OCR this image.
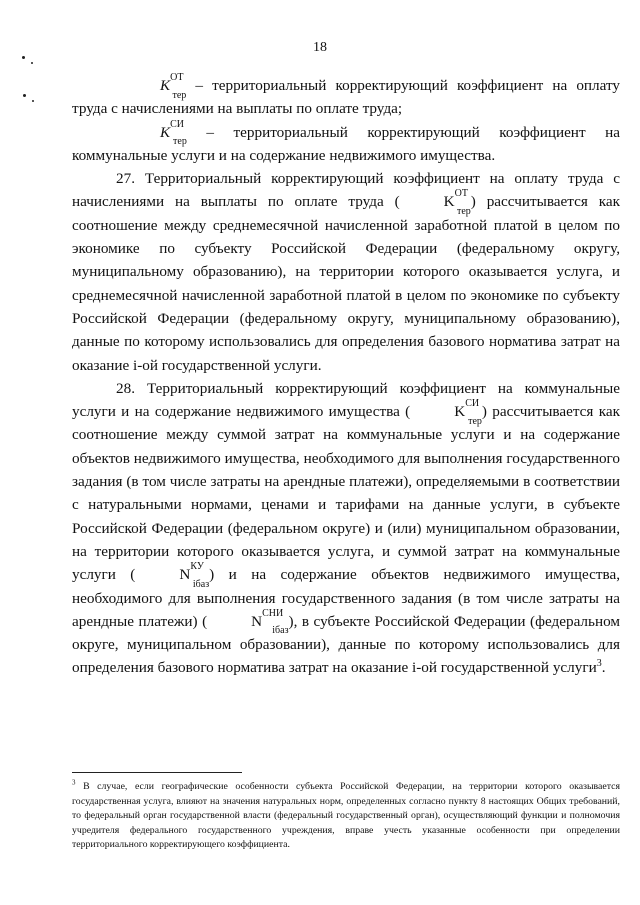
18

$K^{ОТ}_{тер}$ – территориальный корректирующий коэффициент на оплату труда с начислениями на выплаты по оплате труда;

$K^{СИ}_{тер}$ – территориальный корректирующий коэффициент на коммунальные услуги и на содержание недвижимого имущества.

27. Территориальный корректирующий коэффициент на оплату труда с начислениями на выплаты по оплате труда (	$K^{ОТ}_{тер}$) рассчитывается как соотношение между среднемесячной начисленной заработной платой в целом по экономике по субъекту Российской Федерации (федеральному округу, муниципальному образованию), на территории которого оказывается услуга, и среднемесячной начисленной заработной платой в целом по экономике по субъекту Российской Федерации (федеральному округу, муниципальному образованию), данные по которому использовались для определения базового норматива затрат на оказание i-ой государственной услуги.

28. Территориальный корректирующий коэффициент на коммунальные услуги и на содержание недвижимого имущества (	$K^{СИ}_{тер}$) рассчитывается как соотношение между суммой затрат на коммунальные услуги и на содержание объектов недвижимого имущества, необходимого для выполнения государственного задания (в том числе затраты на арендные платежи), определяемыми в соответствии с натуральными нормами, ценами и тарифами на данные услуги, в субъекте Российской Федерации (федеральном округе) и (или) муниципальном образовании, на территории которого оказывается услуга, и суммой затрат на коммунальные услуги (	$N^{КУ}_{iбаз}$) и на содержание объектов недвижимого имущества, необходимого для выполнения государственного задания (в том числе затраты на арендные платежи) (	$N^{СНИ}_{iбаз}$), в субъекте Российской Федерации (федеральном округе, муниципальном образовании), данные по которому использовались для определения базового норматива затрат на оказание i-ой государственной услуги$^3$.

$^3$ В случае, если географические особенности субъекта Российской Федерации, на территории которого оказывается государственная услуга, влияют на значения натуральных норм, определенных согласно пункту 8 настоящих Общих требований, то федеральный орган государственной власти (федеральный государственный орган), осуществляющий функции и полномочия учредителя федерального государственного учреждения, вправе учесть указанные особенности при определении территориального корректирующего коэффициента.
